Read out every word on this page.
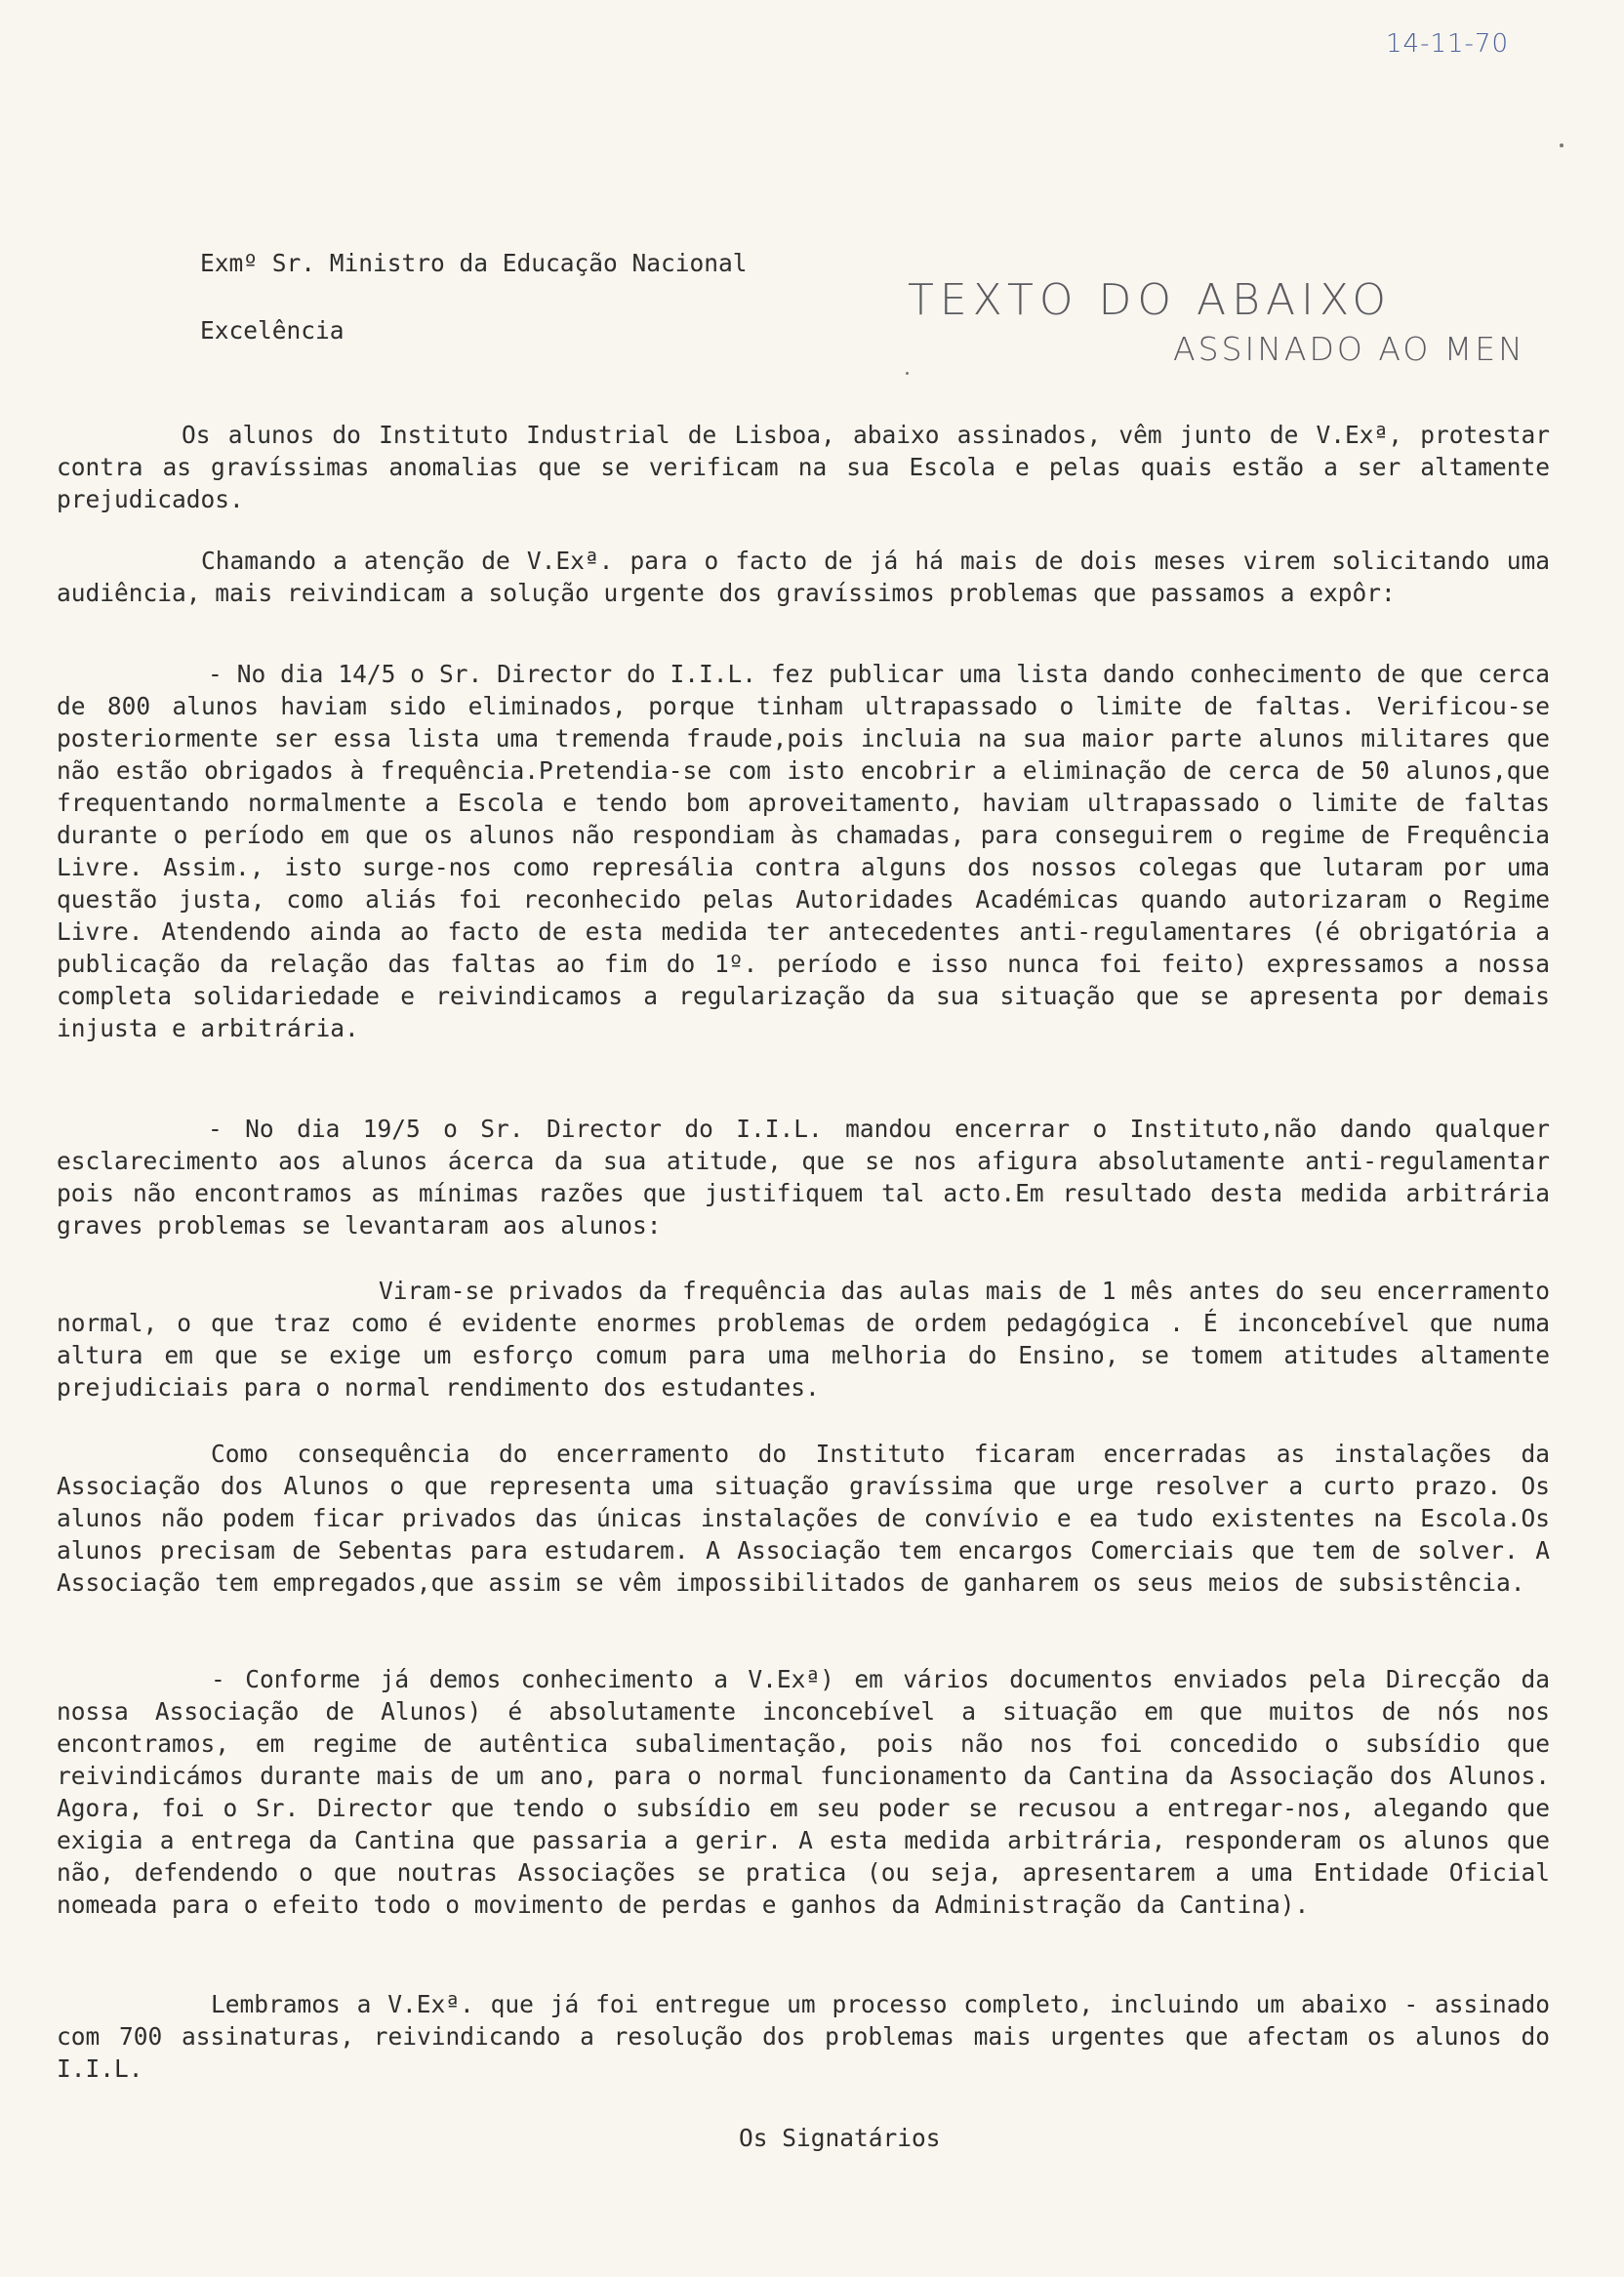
14-11-70
TEXTO DO ABAIXO
ASSINADO AO MEN
Exmº Sr. Ministro da Educação Nacional
Excelência

Os alunos do Instituto Industrial de Lisboa, abaixo assinados, vêm junto de V.Exª, protestar contra as gravíssimas anomalias que se verificam na sua Escola e pelas quais estão a ser altamente prejudicados.

Chamando a atenção de V.Exª. para o facto de já há mais de dois meses virem solicitando uma audiência, mais reivindicam a solução urgente dos gravíssimos problemas que passamos a expôr:

- No dia 14/5 o Sr. Director do I.I.L. fez publicar uma lista dando conhecimento de que cerca de 800 alunos haviam sido eliminados, porque tinham ultrapassado o limite de faltas. Verificou-se posteriormente ser essa lista uma tremenda fraude,pois incluia na sua maior parte alunos militares que não estão obrigados à frequência.Pretendia-se com isto encobrir a eliminação de cerca de 50 alunos,que frequentando normalmente a Escola e tendo bom aproveitamento, haviam ultrapassado o limite de faltas durante o período em que os alunos não respondiam às chamadas, para conseguirem o regime de Frequência Livre. Assim., isto surge-nos como represália contra alguns dos nossos colegas que lutaram por uma questão justa, como aliás foi reconhecido pelas Autoridades Académicas quando autorizaram o Regime Livre. Atendendo ainda ao facto de esta medida ter antecedentes anti-regulamentares (é obrigatória a publicação da relação das faltas ao fim do 1º. período e isso nunca foi feito) expressamos a nossa completa solidariedade e reivindicamos a regularização da sua situação que se apresenta por demais injusta e arbitrária.

- No dia 19/5 o Sr. Director do I.I.L. mandou encerrar o Instituto,não dando qualquer esclarecimento aos alunos ácerca da sua atitude, que se nos afigura absolutamente anti-regulamentar pois não encontramos as mínimas razões que justifiquem tal acto.Em resultado desta medida arbitrária graves problemas se levantaram aos alunos:

Viram-se privados da frequência das aulas mais de 1 mês antes do seu encerramento normal, o que traz como é evidente enormes problemas de ordem pedagógica . É inconcebível que numa altura em que se exige um esforço comum para uma melhoria do Ensino, se tomem atitudes altamente prejudiciais para o normal rendimento dos estudantes.

Como consequência do encerramento do Instituto ficaram encerradas as instalações da Associação dos Alunos o que representa uma situação gravíssima que urge resolver a curto prazo. Os alunos não podem ficar privados das únicas instalações de convívio e ea tudo existentes na Escola.Os alunos precisam de Sebentas para estudarem. A Associação tem encargos Comerciais que tem de solver. A Associação tem empregados,que assim se vêm impossibilitados de ganharem os seus meios de subsistência.

- Conforme já demos conhecimento a V.Exª) em vários documentos enviados pela Direcção da nossa Associação de Alunos) é absolutamente inconcebível a situação em que muitos de nós nos encontramos, em regime de autêntica subalimentação, pois não nos foi concedido o subsídio que reivindicámos durante mais de um ano, para o normal funcionamento da Cantina da Associação dos Alunos. Agora, foi o Sr. Director que tendo o subsídio em seu poder se recusou a entregar-nos, alegando que exigia a entrega da Cantina que passaria a gerir. A esta medida arbitrária, responderam os alunos que não, defendendo o que noutras Associações se pratica (ou seja, apresentarem a uma Entidade Oficial nomeada para o efeito todo o movimento de perdas e ganhos da Administração da Cantina).

Lembramos a V.Exª. que já foi entregue um processo completo, incluindo um abaixo - assinado com 700 assinaturas, reivindicando a resolução dos problemas mais urgentes que afectam os alunos do I.I.L.

Os Signatários
